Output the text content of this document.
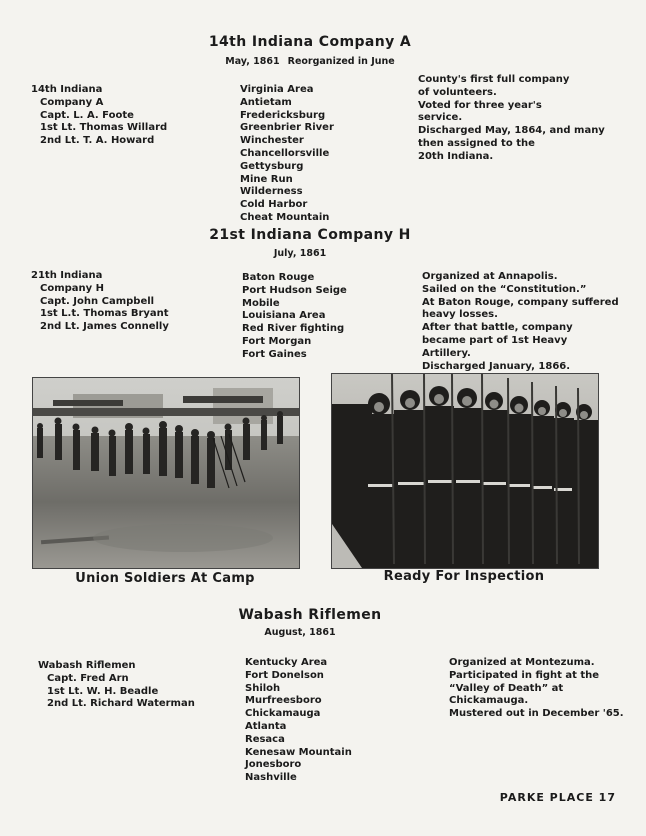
14th Indiana Company A
May, 1861 Reorganized in June
14th Indiana
Company A
Capt. L. A. Foote
1st Lt. Thomas Willard
2nd Lt. T. A. Howard
Virginia Area
Antietam
Fredericksburg
Greenbrier River
Winchester
Chancellorsville
Gettysburg
Mine Run
Wilderness
Cold Harbor
Cheat Mountain
County's first full company
of volunteers.
Voted for three year's
service.
Discharged May, 1864, and many
then assigned to the
20th Indiana.
21st Indiana Company H
July, 1861
21th Indiana
Company H
Capt. John Campbell
1st L.t. Thomas Bryant
2nd Lt. James Connelly
Baton Rouge
Port Hudson Seige
Mobile
Louisiana Area
Red River fighting
Fort Morgan
Fort Gaines
Organized at Annapolis.
Sailed on the “Constitution.”
At Baton Rouge, company suffered
heavy losses.
After that battle, company
became part of 1st Heavy
Artillery.
Discharged January, 1866.
Union Soldiers At Camp	Ready For Inspection
Wabash Riflemen
August, 1861
Wabash Riflemen
Capt. Fred Arn
1st Lt. W. H. Beadle
2nd Lt. Richard Waterman
Kentucky Area
Fort Donelson
Shiloh
Murfreesboro
Chickamauga
Atlanta
Resaca
Kenesaw Mountain
Jonesboro
Nashville
Organized at Montezuma.
Participated in fight at the
“Valley of Death” at
Chickamauga.
Mustered out in December '65.
PARKE PLACE 17
